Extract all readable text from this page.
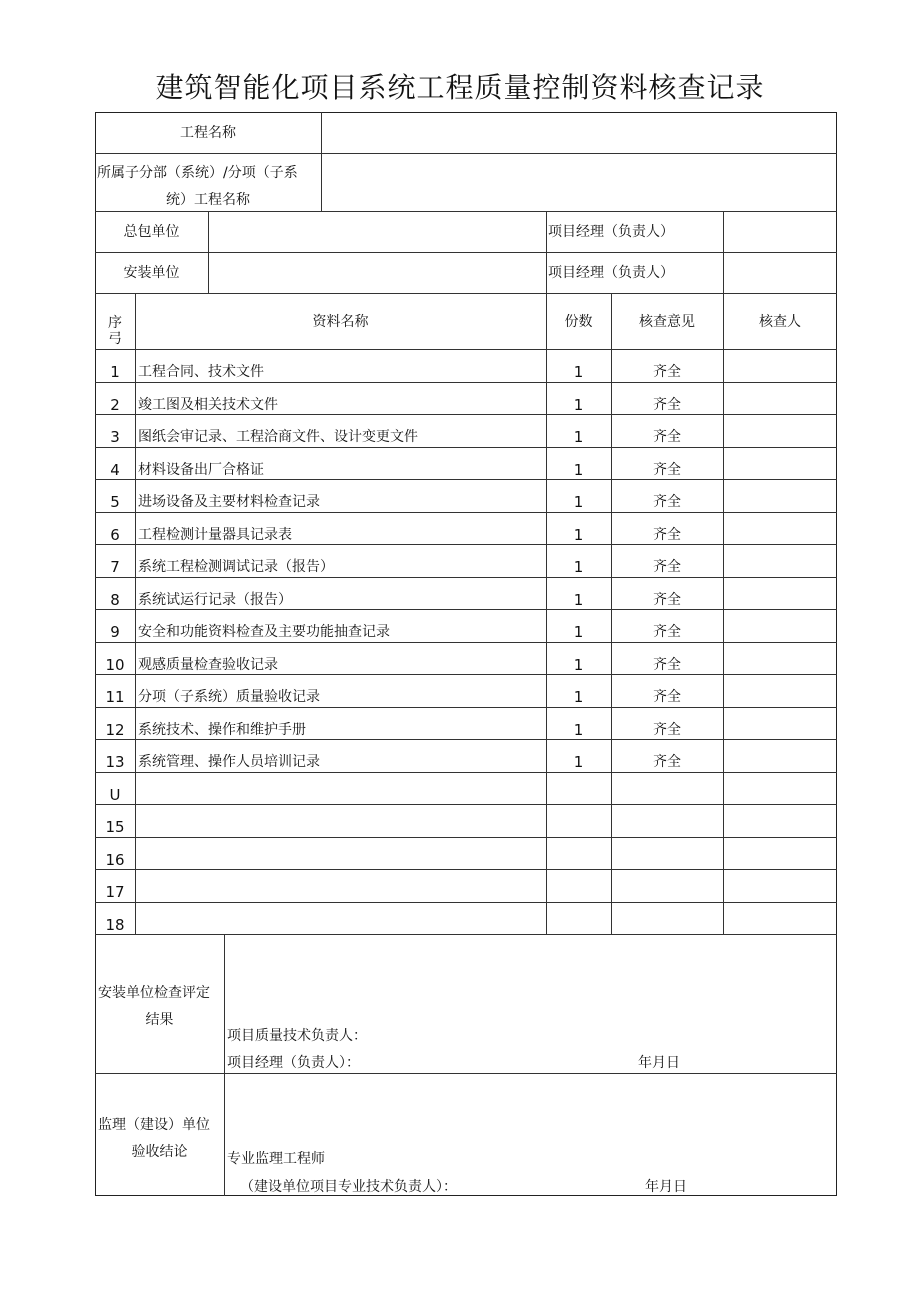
建筑智能化项目系统工程质量控制资料核查记录
工程名称
所属子分部（系统）/分项（子系
统）工程名称
总包单位	项目经理（负责人）
安装单位	项目经理（负责人）
序
弓
资料名称	份数	核查意见	核查人
1	工程合同、技术文件	1	齐全
2	竣工图及相关技术文件	1	齐全
3	图纸会审记录、工程洽商文件、设计变更文件	1	齐全
4	材料设备出厂合格证	1	齐全
5	进场设备及主要材料检查记录	1	齐全
6	工程检测计量器具记录表	1	齐全
7	系统工程检测调试记录（报告）	1	齐全
8	系统试运行记录（报告）	1	齐全
9	安全和功能资料检查及主要功能抽查记录	1	齐全
10 观感质量检查验收记录	1	齐全
11 分项（子系统）质量验收记录	1	齐全
12 系统技术、操作和维护手册	1	齐全
13 系统管理、操作人员培训记录	1	齐全
U
15
16
17
18
安装单位检查评定
结果
项目质量技术负责人：
项目经理（负责人）：	年月日
监理（建设）单位
验收结论	专业监理工程师
（建设单位项目专业技术负责人）：	年月日
